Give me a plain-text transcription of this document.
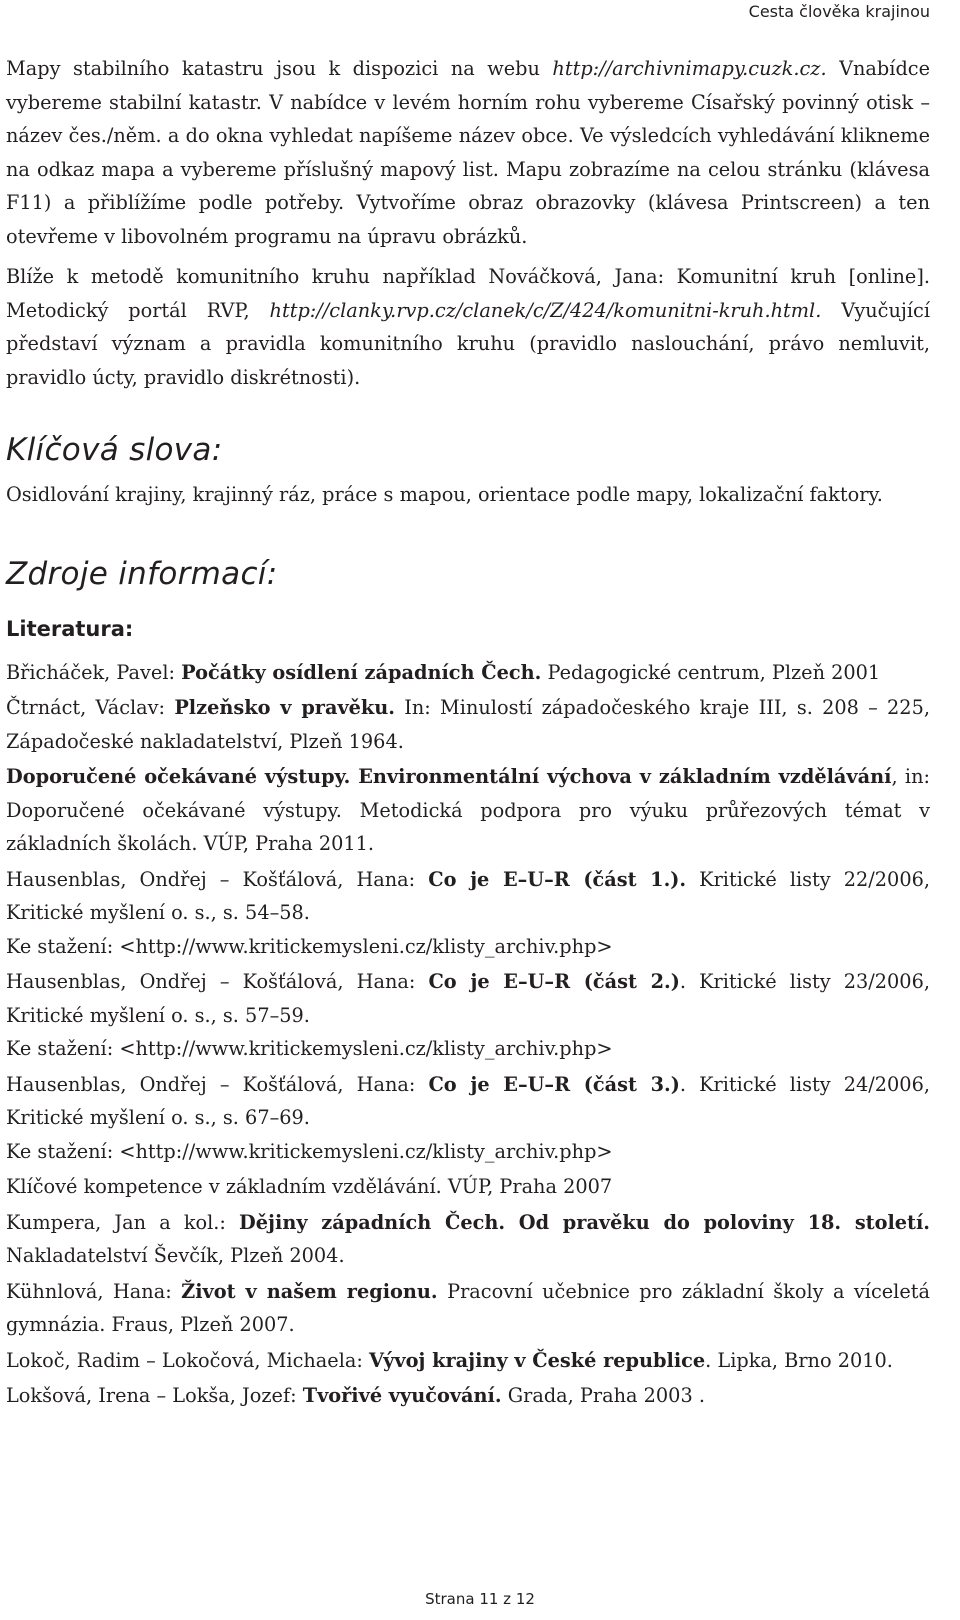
Cesta člověka krajinou

Mapy stabilního katastru jsou k dispozici na webu http://archivnimapy.cuzk.cz. Vnabídce vybereme stabilní katastr. V nabídce v levém horním rohu vybereme Císařský povinný otisk – název čes./něm. a do okna vyhledat napíšeme název obce. Ve výsledcích vyhledávání klikneme na odkaz mapa a vybereme příslušný mapový list. Mapu zobrazíme na celou stránku (klávesa F11) a přiblížíme podle potřeby. Vytvoříme obraz obrazovky (klávesa Printscreen) a ten otevřeme v libovolném programu na úpravu obrázků.

Blíže k metodě komunitního kruhu například Nováčková, Jana: Komunitní kruh [online]. Metodický portál RVP, http://clanky.rvp.cz/clanek/c/Z/424/komunitni-kruh.html. Vyučující představí význam a pravidla komunitního kruhu (pravidlo naslouchání, právo nemluvit, pravidlo úcty, pravidlo diskrétnosti).

Klíčová slova:

Osidlování krajiny, krajinný ráz, práce s mapou, orientace podle mapy, lokalizační faktory.

Zdroje informací:
Literatura:

Břicháček, Pavel: Počátky osídlení západních Čech. Pedagogické centrum, Plzeň 2001

Čtrnáct, Václav: Plzeňsko v pravěku. In: Minulostí západočeského kraje III, s. 208 – 225, Západočeské nakladatelství, Plzeň 1964.

Doporučené očekávané výstupy. Environmentální výchova v základním vzdělávání, in: Doporučené očekávané výstupy. Metodická podpora pro výuku průřezových témat v základních školách. VÚP, Praha 2011.

Hausenblas, Ondřej – Košťálová, Hana: Co je E–U–R (část 1.). Kritické listy 22/2006, Kritické myšlení o. s., s. 54–58.
Ke stažení: <http://www.kritickemysleni.cz/klisty_archiv.php>

Hausenblas, Ondřej – Košťálová, Hana: Co je E–U–R (část 2.). Kritické listy 23/2006, Kritické myšlení o. s., s. 57–59.
Ke stažení: <http://www.kritickemysleni.cz/klisty_archiv.php>

Hausenblas, Ondřej – Košťálová, Hana: Co je E–U–R (část 3.). Kritické listy 24/2006, Kritické myšlení o. s., s. 67–69.
Ke stažení: <http://www.kritickemysleni.cz/klisty_archiv.php>

Klíčové kompetence v základním vzdělávání. VÚP, Praha 2007

Kumpera, Jan a kol.: Dějiny západních Čech. Od pravěku do poloviny 18. století. Nakladatelství Ševčík, Plzeň 2004.

Kühnlová, Hana: Život v našem regionu. Pracovní učebnice pro základní školy a víceletá gymnázia. Fraus, Plzeň 2007.

Lokoč, Radim – Lokočová, Michaela: Vývoj krajiny v České republice. Lipka, Brno 2010.

Lokšová, Irena – Lokša, Jozef: Tvořivé vyučování. Grada, Praha 2003 .

Strana 11 z 12
